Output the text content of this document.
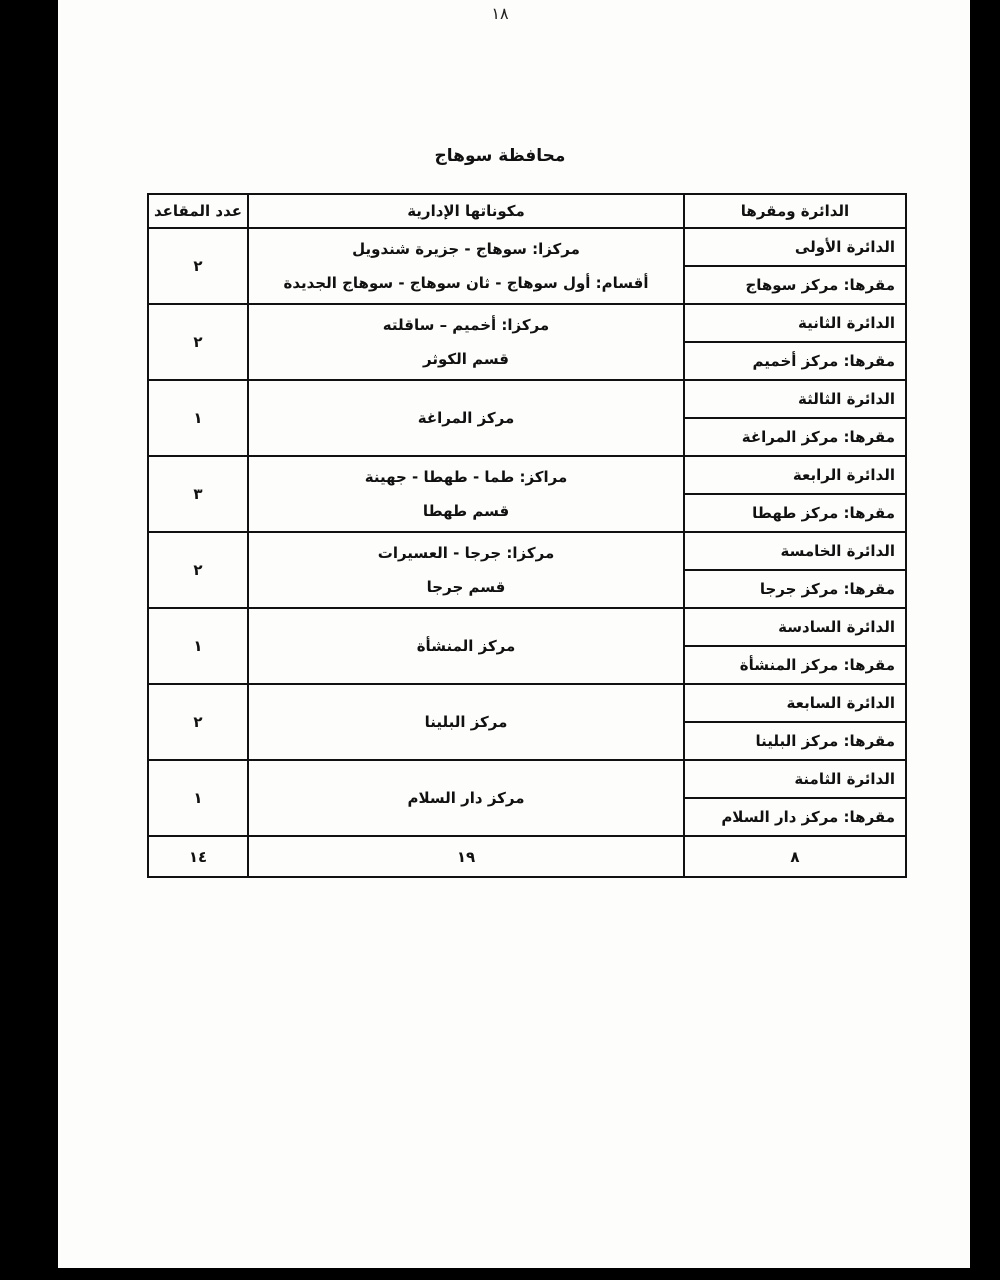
١٨
محافظة سوهاج
الدائرة ومقرها
الدائرة الأولى
مقرها: مركز سوهاج
الدائرة الثانية
مقرها: مركز أخميم
الدائرة الثالثة
مقرها: مركز المراغة
الدائرة الرابعة
مقرها: مركز طهطا
الدائرة الخامسة
مقرها: مركز جرجا
الدائرة السادسة
مقرها: مركز المنشأة
الدائرة السابعة
مقرها: مركز البلينا
الدائرة الثامنة
مقرها: مركز دار السلام
٨
مكوناتها الإدارية
مركزا: سوهاج - جزيرة شندويل
أقسام: أول سوهاج - ثان سوهاج - سوهاج الجديدة
مركزا: أخميم – ساقلته
قسم الكوثر
مركز المراغة
مراكز: طما - طهطا - جهينة
قسم طهطا
مركزا: جرجا - العسيرات
قسم جرجا
مركز المنشأة
مركز البلينا
مركز دار السلام
١٩
عدد المقاعد
٢
٢
١
٣
٢
١
٢
١
١٤
